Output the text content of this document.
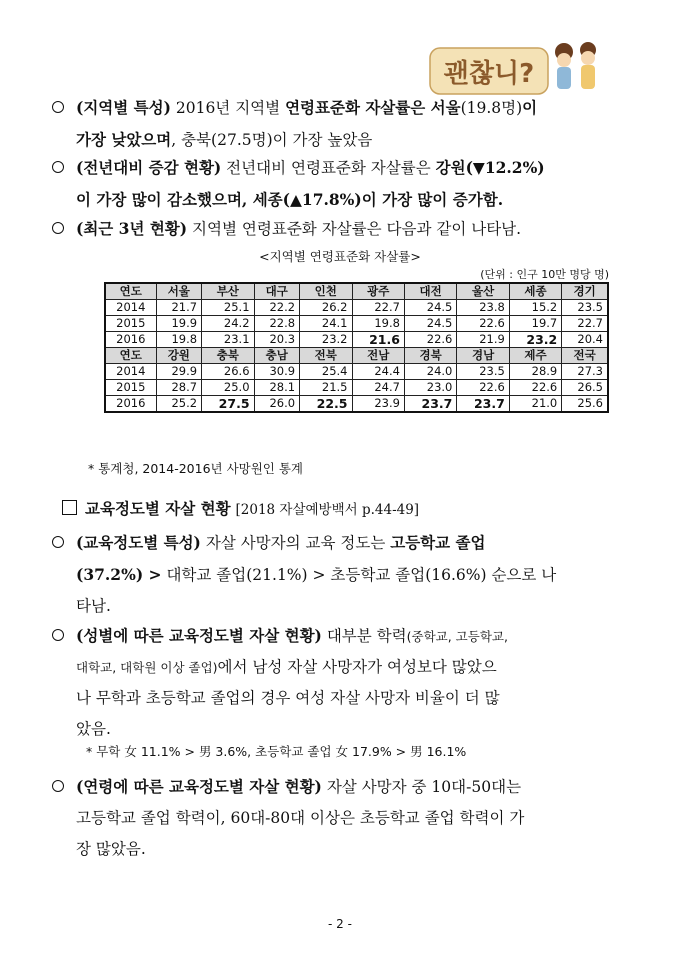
괜찮니?
(지역별 특성) 2016년 지역별 연령표준화 자살률은 서울(19.8명)이
가장 낮았으며, 충북(27.5명)이 가장 높았음
(전년대비 증감 현황) 전년대비 연령표준화 자살률은 강원(▼12.2%)
이 가장 많이 감소했으며, 세종(▲17.8%)이 가장 많이 증가함.
(최근 3년 현황) 지역별 연령표준화 자살률은 다음과 같이 나타남.
<지역별 연령표준화 자살률>
(단위 : 인구 10만 명당 명)
연도	서울	부산	대구	인천	광주	대전	울산	세종	경기
2014	21.7	25.1	22.2	26.2	22.7	24.5	23.8	15.2	23.5
2015	19.9	24.2	22.8	24.1	19.8	24.5	22.6	19.7	22.7
2016	19.8	23.1	20.3	23.2	21.6	22.6	21.9	23.2	20.4
연도	강원	충북	충남	전북	전남	경북	경남	제주	전국
2014	29.9	26.6	30.9	25.4	24.4	24.0	23.5	28.9	27.3
2015	28.7	25.0	28.1	21.5	24.7	23.0	22.6	22.6	26.5
2016	25.2	27.5	26.0	22.5	23.9	23.7	23.7	21.0	25.6
* 통계청, 2014-2016년 사망원인 통계
교육정도별 자살 현황 [2018 자살예방백서 p.44-49]
(교육정도별 특성) 자살 사망자의 교육 정도는 고등학교 졸업
(37.2%) > 대학교 졸업(21.1%) > 초등학교 졸업(16.6%) 순으로 나
타남.
(성별에 따른 교육정도별 자살 현황) 대부분 학력(중학교, 고등학교,
대학교, 대학원 이상 졸업)에서 남성 자살 사망자가 여성보다 많았으
나 무학과 초등학교 졸업의 경우 여성 자살 사망자 비율이 더 많
았음.
* 무학 女 11.1% > 男 3.6%, 초등학교 졸업 女 17.9% > 男 16.1%
(연령에 따른 교육정도별 자살 현황) 자살 사망자 중 10대-50대는
고등학교 졸업 학력이, 60대-80대 이상은 초등학교 졸업 학력이 가
장 많았음.
- 2 -
